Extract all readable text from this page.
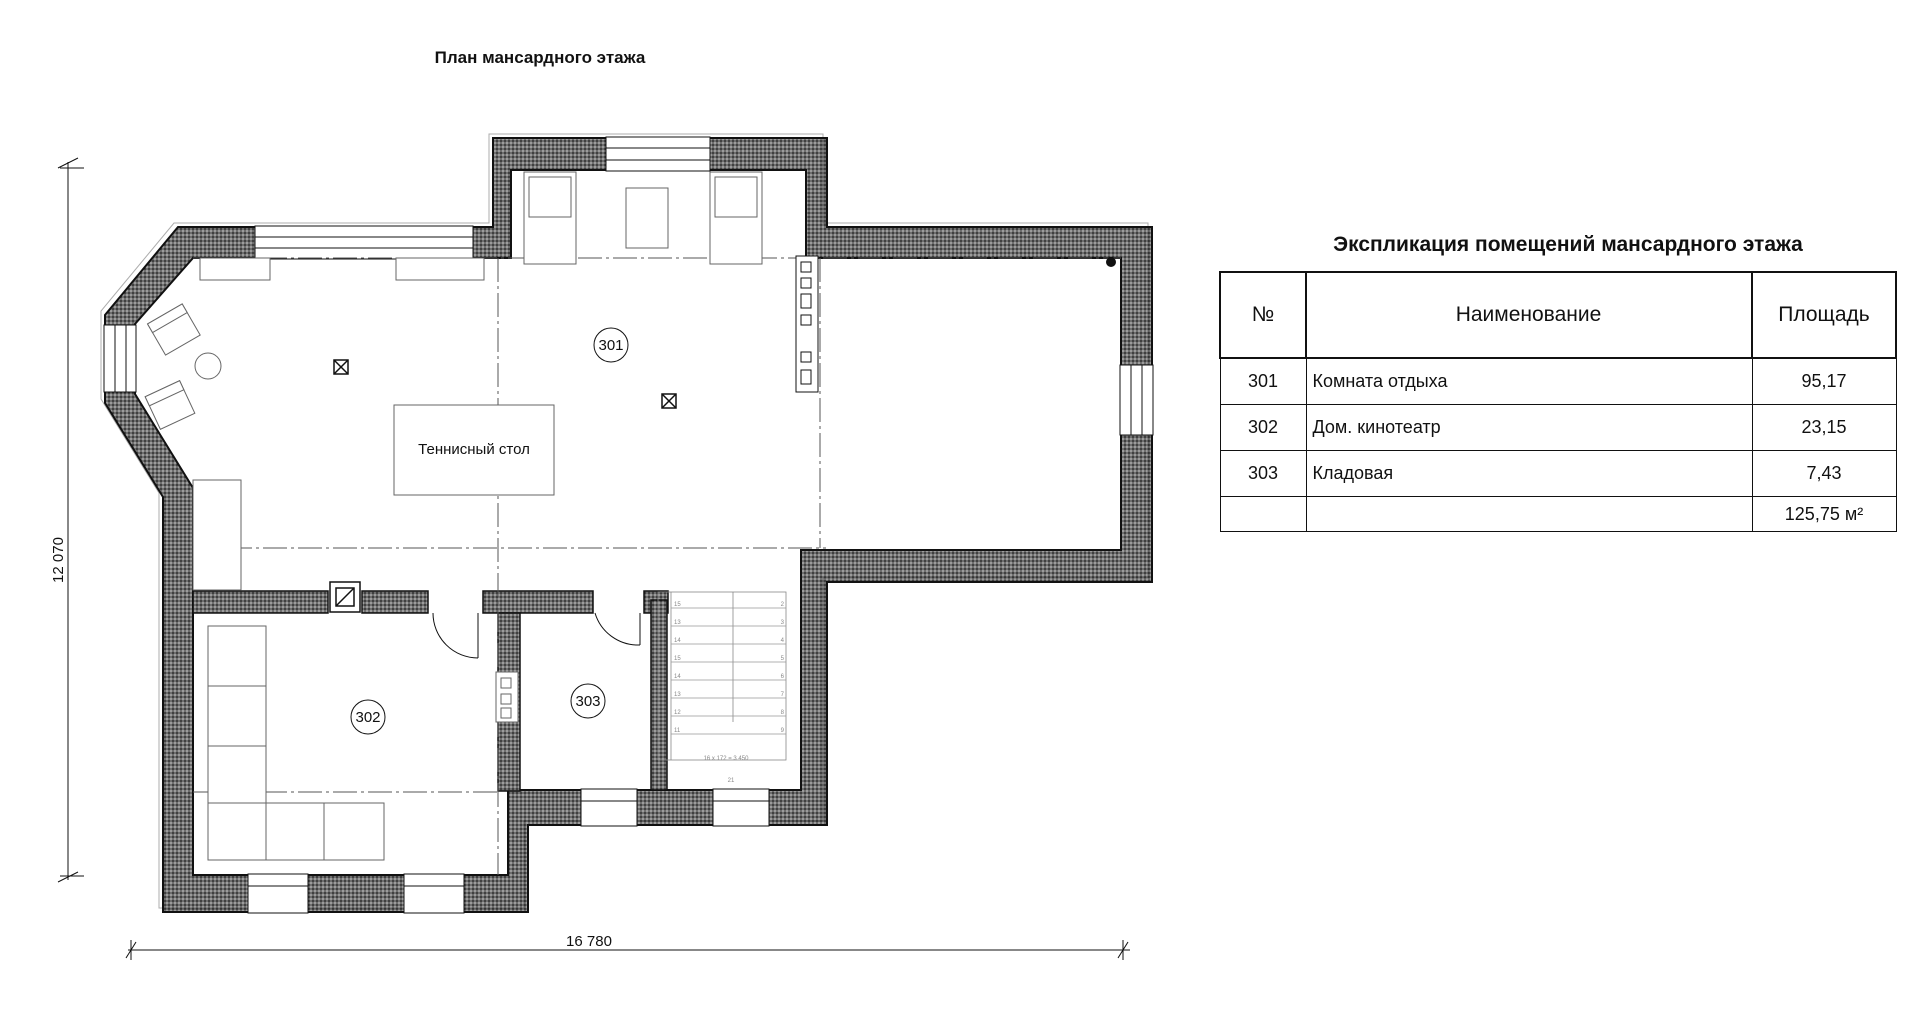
План мансардного этажа
Теннисный стол
15	2
13	3
14	4
15	5
14	6
13	7
12	8
11	9
16 x 172 = 3 450
21
301
302
303
12 070
16 780
Экспликация помещений мансардного этажа
№	Наименование	Площадь
301	Комната отдыха	95,17
302	Дом. кинотеатр	23,15
303	Кладовая	7,43
		125,75 м²
